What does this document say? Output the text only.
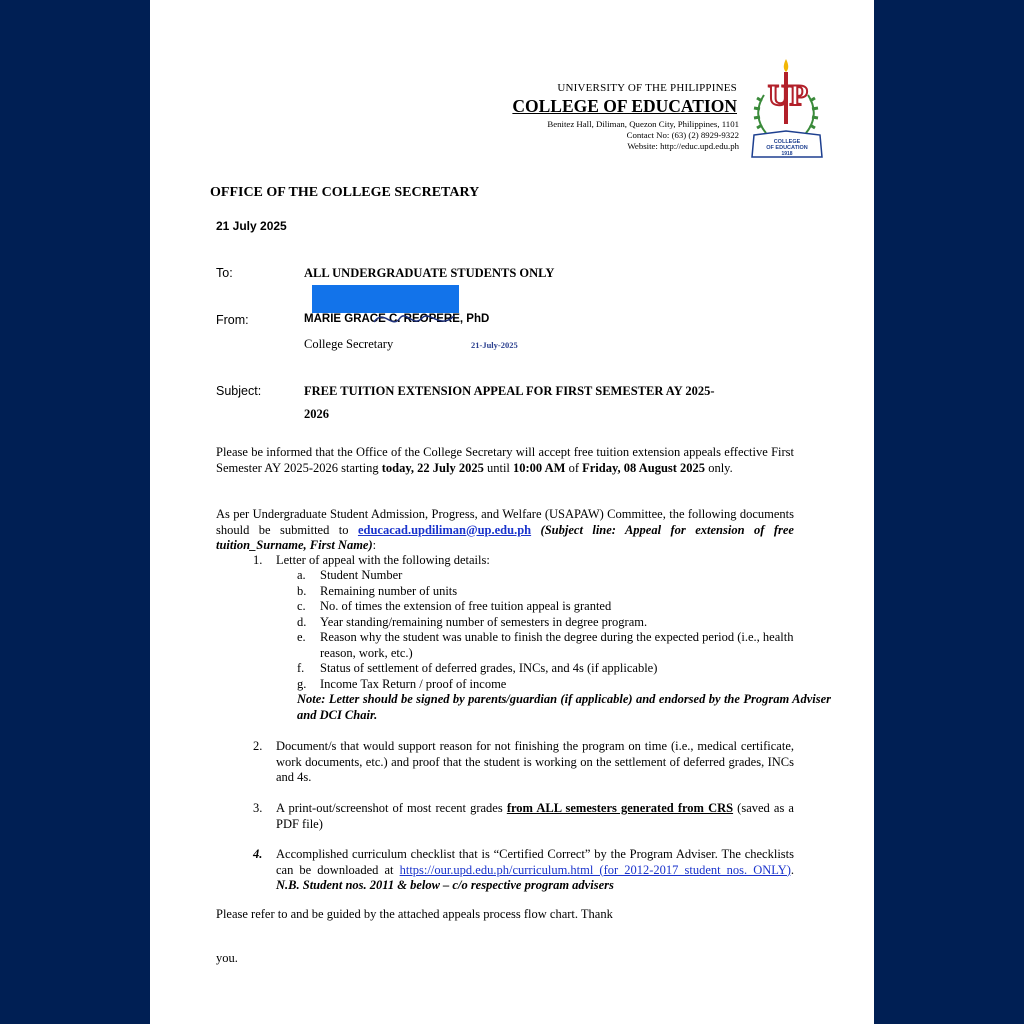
UNIVERSITY OF THE PHILIPPINES
COLLEGE OF EDUCATION
Benitez Hall, Diliman, Quezon City, Philippines, 1101
Contact No: (63) (2) 8929-9322
Website: http://educ.upd.edu.ph
UP
COLLEGE
OF EDUCATION
1918
OFFICE OF THE COLLEGE SECRETARY
21 July 2025
To:	ALL UNDERGRADUATE STUDENTS ONLY
From:	MARIE GRACE C. REOPERE, PhD
College Secretary	21-July-2025
Subject:	FREE TUITION EXTENSION APPEAL FOR FIRST SEMESTER AY 2025-
2026
Please be informed that the Office of the College Secretary will accept free tuition extension appeals effective First Semester AY 2025-2026 starting today, 22 July 2025 until 10:00 AM of Friday, 08 August 2025 only.
As per Undergraduate Student Admission, Progress, and Welfare (USAPAW) Committee, the following documents should be submitted to educacad.updiliman@up.edu.ph (Subject line: Appeal for extension of free tuition_Surname, First Name):
1. Letter of appeal with the following details:
a. Student Number
b. Remaining number of units
c. No. of times the extension of free tuition appeal is granted
d. Year standing/remaining number of semesters in degree program.
e. Reason why the student was unable to finish the degree during the expected period (i.e., health reason, work, etc.)
f. Status of settlement of deferred grades, INCs, and 4s (if applicable)
g. Income Tax Return / proof of income
Note: Letter should be signed by parents/guardian (if applicable) and endorsed by the Program Adviser and DCI Chair.
2. Document/s that would support reason for not finishing the program on time (i.e., medical certificate, work documents, etc.) and proof that the student is working on the settlement of deferred grades, INCs and 4s.
3. A print-out/screenshot of most recent grades from ALL semesters generated from CRS (saved as a PDF file)
4. Accomplished curriculum checklist that is “Certified Correct” by the Program Adviser. The checklists can be downloaded at https://our.upd.edu.ph/curriculum.html (for 2012-2017 student nos. ONLY). N.B. Student nos. 2011 & below – c/o respective program advisers
Please refer to and be guided by the attached appeals process flow chart. Thank
you.
